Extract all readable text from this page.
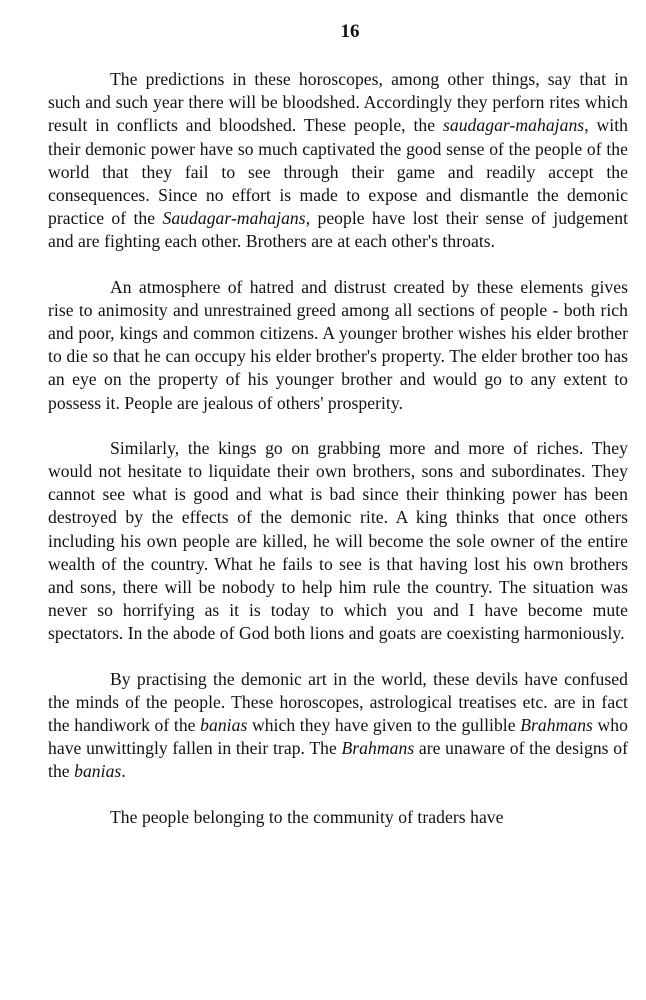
16

The predictions in these horoscopes, among other things, say that in such and such year there will be bloodshed. Accordingly they perforn rites which result in conflicts and bloodshed. These people, the saudagar-mahajans, with their demonic power have so much captivated the good sense of the people of the world that they fail to see through their game and readily accept the consequences. Since no effort is made to expose and dismantle the demonic practice of the Saudagar-mahajans, people have lost their sense of judgement and are fighting each other. Brothers are at each other's throats.

An atmosphere of hatred and distrust created by these elements gives rise to animosity and unrestrained greed among all sections of people - both rich and poor, kings and common citizens. A younger brother wishes his elder brother to die so that he can occupy his elder brother's property. The elder brother too has an eye on the property of his younger brother and would go to any extent to possess it. People are jealous of others' prosperity.

Similarly, the kings go on grabbing more and more of riches. They would not hesitate to liquidate their own brothers, sons and subordinates. They cannot see what is good and what is bad since their thinking power has been destroyed by the effects of the demonic rite. A king thinks that once others including his own people are killed, he will become the sole owner of the entire wealth of the country. What he fails to see is that having lost his own brothers and sons, there will be nobody to help him rule the country. The situation was never so horrifying as it is today to which you and I have become mute spectators. In the abode of God both lions and goats are coexisting harmoniously.

By practising the demonic art in the world, these devils have confused the minds of the people. These horoscopes, astrological treatises etc. are in fact the handiwork of the banias which they have given to the gullible Brahmans who have unwittingly fallen in their trap. The Brahmans are unaware of the designs of the banias.

The people belonging to the community of traders have
